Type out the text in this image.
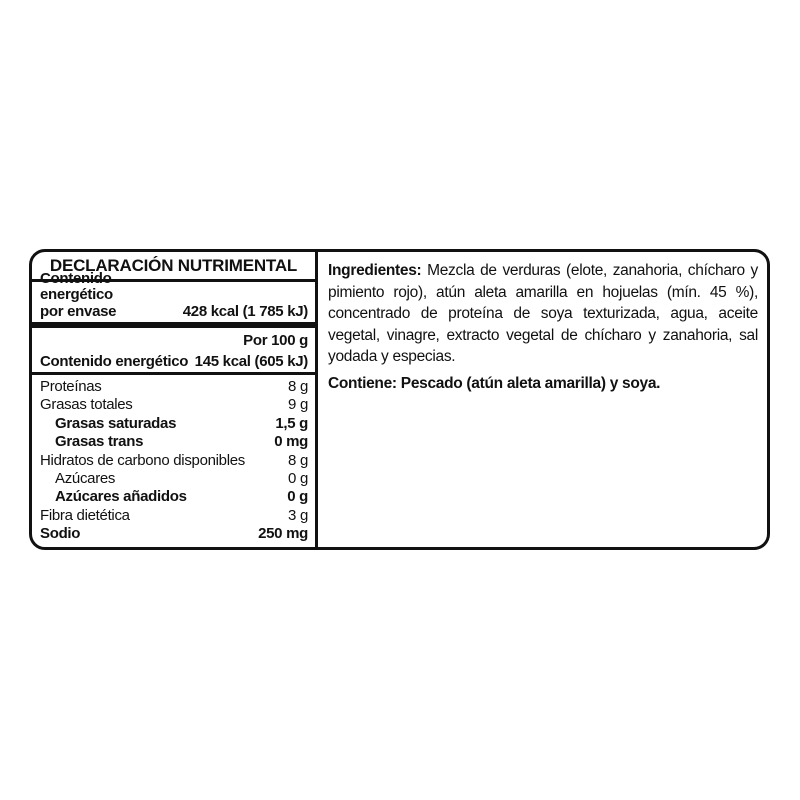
DECLARACIÓN NUTRIMENTAL
Contenido energético
por envase	428 kcal (1 785 kJ)
Por 100 g
Contenido energético 145 kcal (605 kJ)
Proteínas	8 g
Grasas totales	9 g
Grasas saturadas	1,5 g
Grasas trans	0 mg
Hidratos de carbono disponibles	8 g
Azúcares	0 g
Azúcares añadidos	0 g
Fibra dietética	3 g
Sodio	250 mg

Ingredientes: Mezcla de verduras (elote, zanahoria, chícharo y pimiento rojo), atún aleta amarilla en hojuelas (mín. 45 %), concentrado de proteína de soya texturizada, agua, aceite vegetal, vinagre, extracto vegetal de chícharo y zanahoria, sal yodada y especias.

Contiene: Pescado (atún aleta amarilla) y soya.
